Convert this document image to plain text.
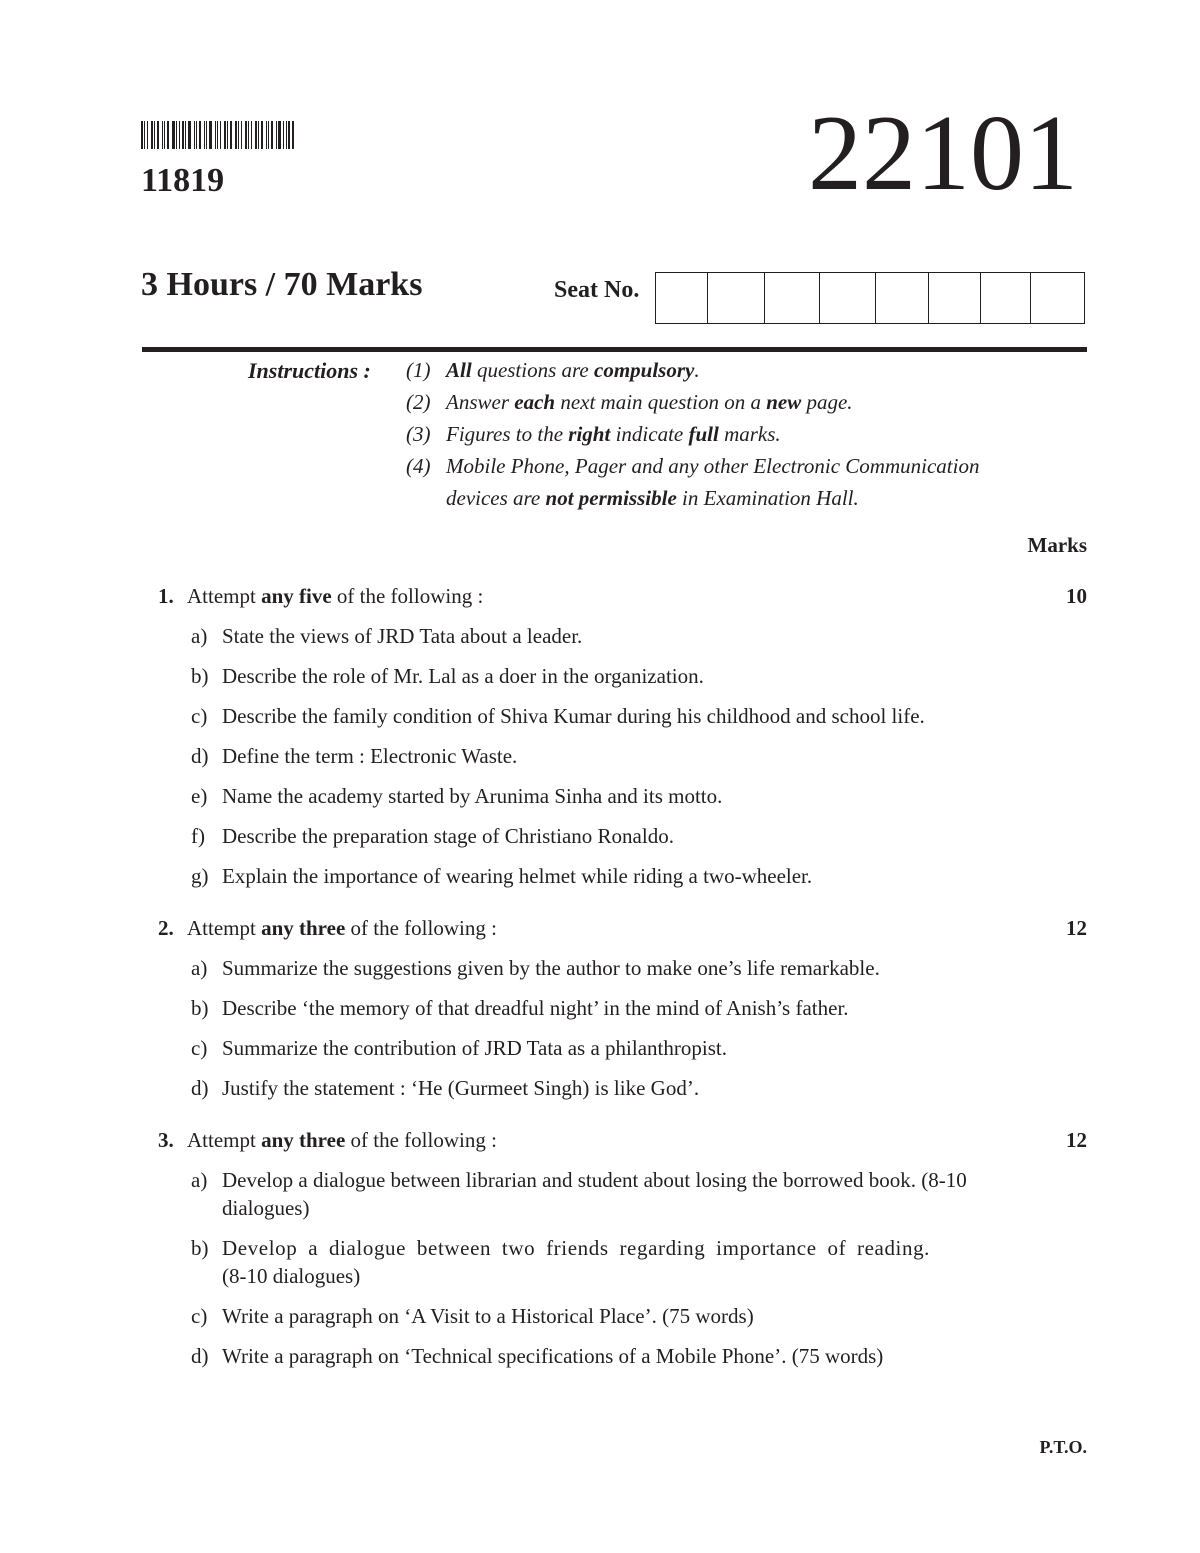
11819	22101
3 Hours / 70 Marks	Seat No.
Instructions : (1) All questions are compulsory.
(2) Answer each next main question on a new page.
(3) Figures to the right indicate full marks.
(4) Mobile Phone, Pager and any other Electronic Communication
devices are not permissible in Examination Hall.
Marks
1. Attempt any five of the following :	10
a) State the views of JRD Tata about a leader.
b) Describe the role of Mr. Lal as a doer in the organization.
c) Describe the family condition of Shiva Kumar during his childhood and school life.
d) Define the term : Electronic Waste.
e) Name the academy started by Arunima Sinha and its motto.
f) Describe the preparation stage of Christiano Ronaldo.
g) Explain the importance of wearing helmet while riding a two-wheeler.
2. Attempt any three of the following :	12
a) Summarize the suggestions given by the author to make one’s life remarkable.
b) Describe ‘the memory of that dreadful night’ in the mind of Anish’s father.
c) Summarize the contribution of JRD Tata as a philanthropist.
d) Justify the statement : ‘He (Gurmeet Singh) is like God’.
3. Attempt any three of the following :	12
a) Develop a dialogue between librarian and student about losing the borrowed book. (8-10
dialogues)
b) Develop a dialogue between two friends regarding importance of reading.
(8-10 dialogues)
c) Write a paragraph on ‘A Visit to a Historical Place’. (75 words)
d) Write a paragraph on ‘Technical specifications of a Mobile Phone’. (75 words)
P.T.O.
